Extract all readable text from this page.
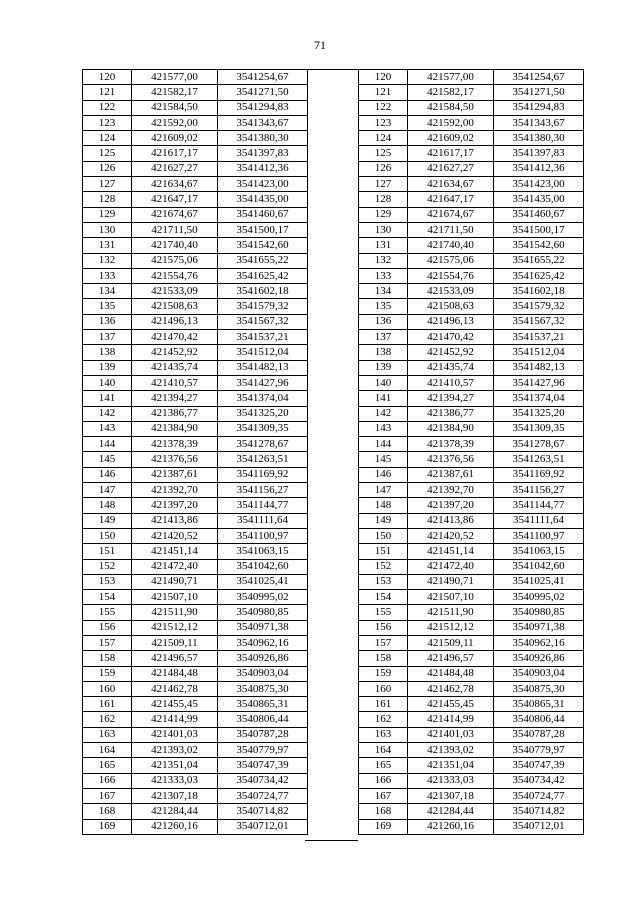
71
120	421577,00	3541254,67
121	421582,17	3541271,50
122	421584,50	3541294,83
123	421592,00	3541343,67
124	421609,02	3541380,30
125	421617,17	3541397,83
126	421627,27	3541412,36
127	421634,67	3541423,00
128	421647,17	3541435,00
129	421674,67	3541460,67
130	421711,50	3541500,17
131	421740,40	3541542,60
132	421575,06	3541655,22
133	421554,76	3541625,42
134	421533,09	3541602,18
135	421508,63	3541579,32
136	421496,13	3541567,32
137	421470,42	3541537,21
138	421452,92	3541512,04
139	421435,74	3541482,13
140	421410,57	3541427,96
141	421394,27	3541374,04
142	421386,77	3541325,20
143	421384,90	3541309,35
144	421378,39	3541278,67
145	421376,56	3541263,51
146	421387,61	3541169,92
147	421392,70	3541156,27
148	421397,20	3541144,77
149	421413,86	3541111,64
150	421420,52	3541100,97
151	421451,14	3541063,15
152	421472,40	3541042,60
153	421490,71	3541025,41
154	421507,10	3540995,02
155	421511,90	3540980,85
156	421512,12	3540971,38
157	421509,11	3540962,16
158	421496,57	3540926,86
159	421484,48	3540903,04
160	421462,78	3540875,30
161	421455,45	3540865,31
162	421414,99	3540806,44
163	421401,03	3540787,28
164	421393,02	3540779,97
165	421351,04	3540747,39
166	421333,03	3540734,42
167	421307,18	3540724,77
168	421284,44	3540714,82
169	421260,16	3540712,01
120	421577,00	3541254,67
121	421582,17	3541271,50
122	421584,50	3541294,83
123	421592,00	3541343,67
124	421609,02	3541380,30
125	421617,17	3541397,83
126	421627,27	3541412,36
127	421634,67	3541423,00
128	421647,17	3541435,00
129	421674,67	3541460,67
130	421711,50	3541500,17
131	421740,40	3541542,60
132	421575,06	3541655,22
133	421554,76	3541625,42
134	421533,09	3541602,18
135	421508,63	3541579,32
136	421496,13	3541567,32
137	421470,42	3541537,21
138	421452,92	3541512,04
139	421435,74	3541482,13
140	421410,57	3541427,96
141	421394,27	3541374,04
142	421386,77	3541325,20
143	421384,90	3541309,35
144	421378,39	3541278,67
145	421376,56	3541263,51
146	421387,61	3541169,92
147	421392,70	3541156,27
148	421397,20	3541144,77
149	421413,86	3541111,64
150	421420,52	3541100,97
151	421451,14	3541063,15
152	421472,40	3541042,60
153	421490,71	3541025,41
154	421507,10	3540995,02
155	421511,90	3540980,85
156	421512,12	3540971,38
157	421509,11	3540962,16
158	421496,57	3540926,86
159	421484,48	3540903,04
160	421462,78	3540875,30
161	421455,45	3540865,31
162	421414,99	3540806,44
163	421401,03	3540787,28
164	421393,02	3540779,97
165	421351,04	3540747,39
166	421333,03	3540734,42
167	421307,18	3540724,77
168	421284,44	3540714,82
169	421260,16	3540712,01
